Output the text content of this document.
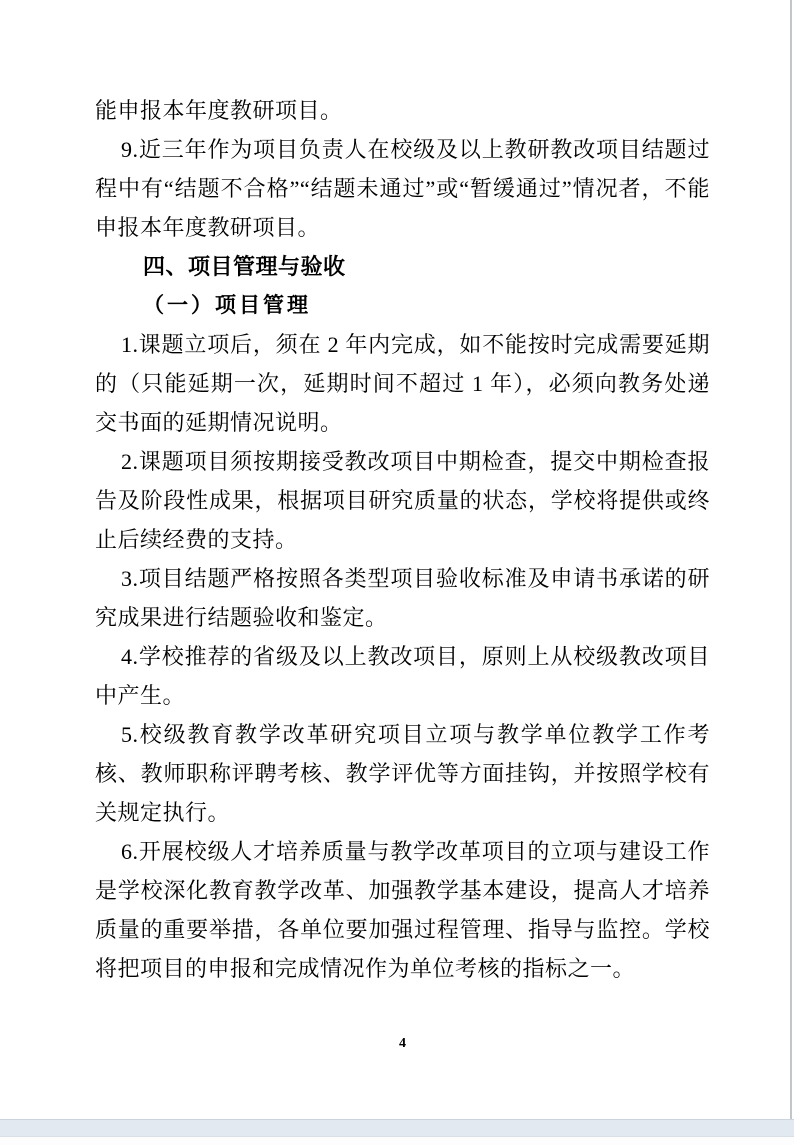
能申报本年度教研项目。

9.近三年作为项目负责人在校级及以上教研教改项目结题过程中有“结题不合格”“结题未通过”或“暂缓通过”情况者，不能申报本年度教研项目。

四、项目管理与验收

（一）项目管理

1.课题立项后，须在 2 年内完成，如不能按时完成需要延期的（只能延期一次，延期时间不超过 1 年），必须向教务处递交书面的延期情况说明。

2.课题项目须按期接受教改项目中期检查，提交中期检查报告及阶段性成果，根据项目研究质量的状态，学校将提供或终止后续经费的支持。

3.项目结题严格按照各类型项目验收标准及申请书承诺的研究成果进行结题验收和鉴定。

4.学校推荐的省级及以上教改项目，原则上从校级教改项目中产生。

5.校级教育教学改革研究项目立项与教学单位教学工作考核、教师职称评聘考核、教学评优等方面挂钩，并按照学校有关规定执行。

6.开展校级人才培养质量与教学改革项目的立项与建设工作是学校深化教育教学改革、加强教学基本建设，提高人才培养质量的重要举措，各单位要加强过程管理、指导与监控。学校将把项目的申报和完成情况作为单位考核的指标之一。

4
